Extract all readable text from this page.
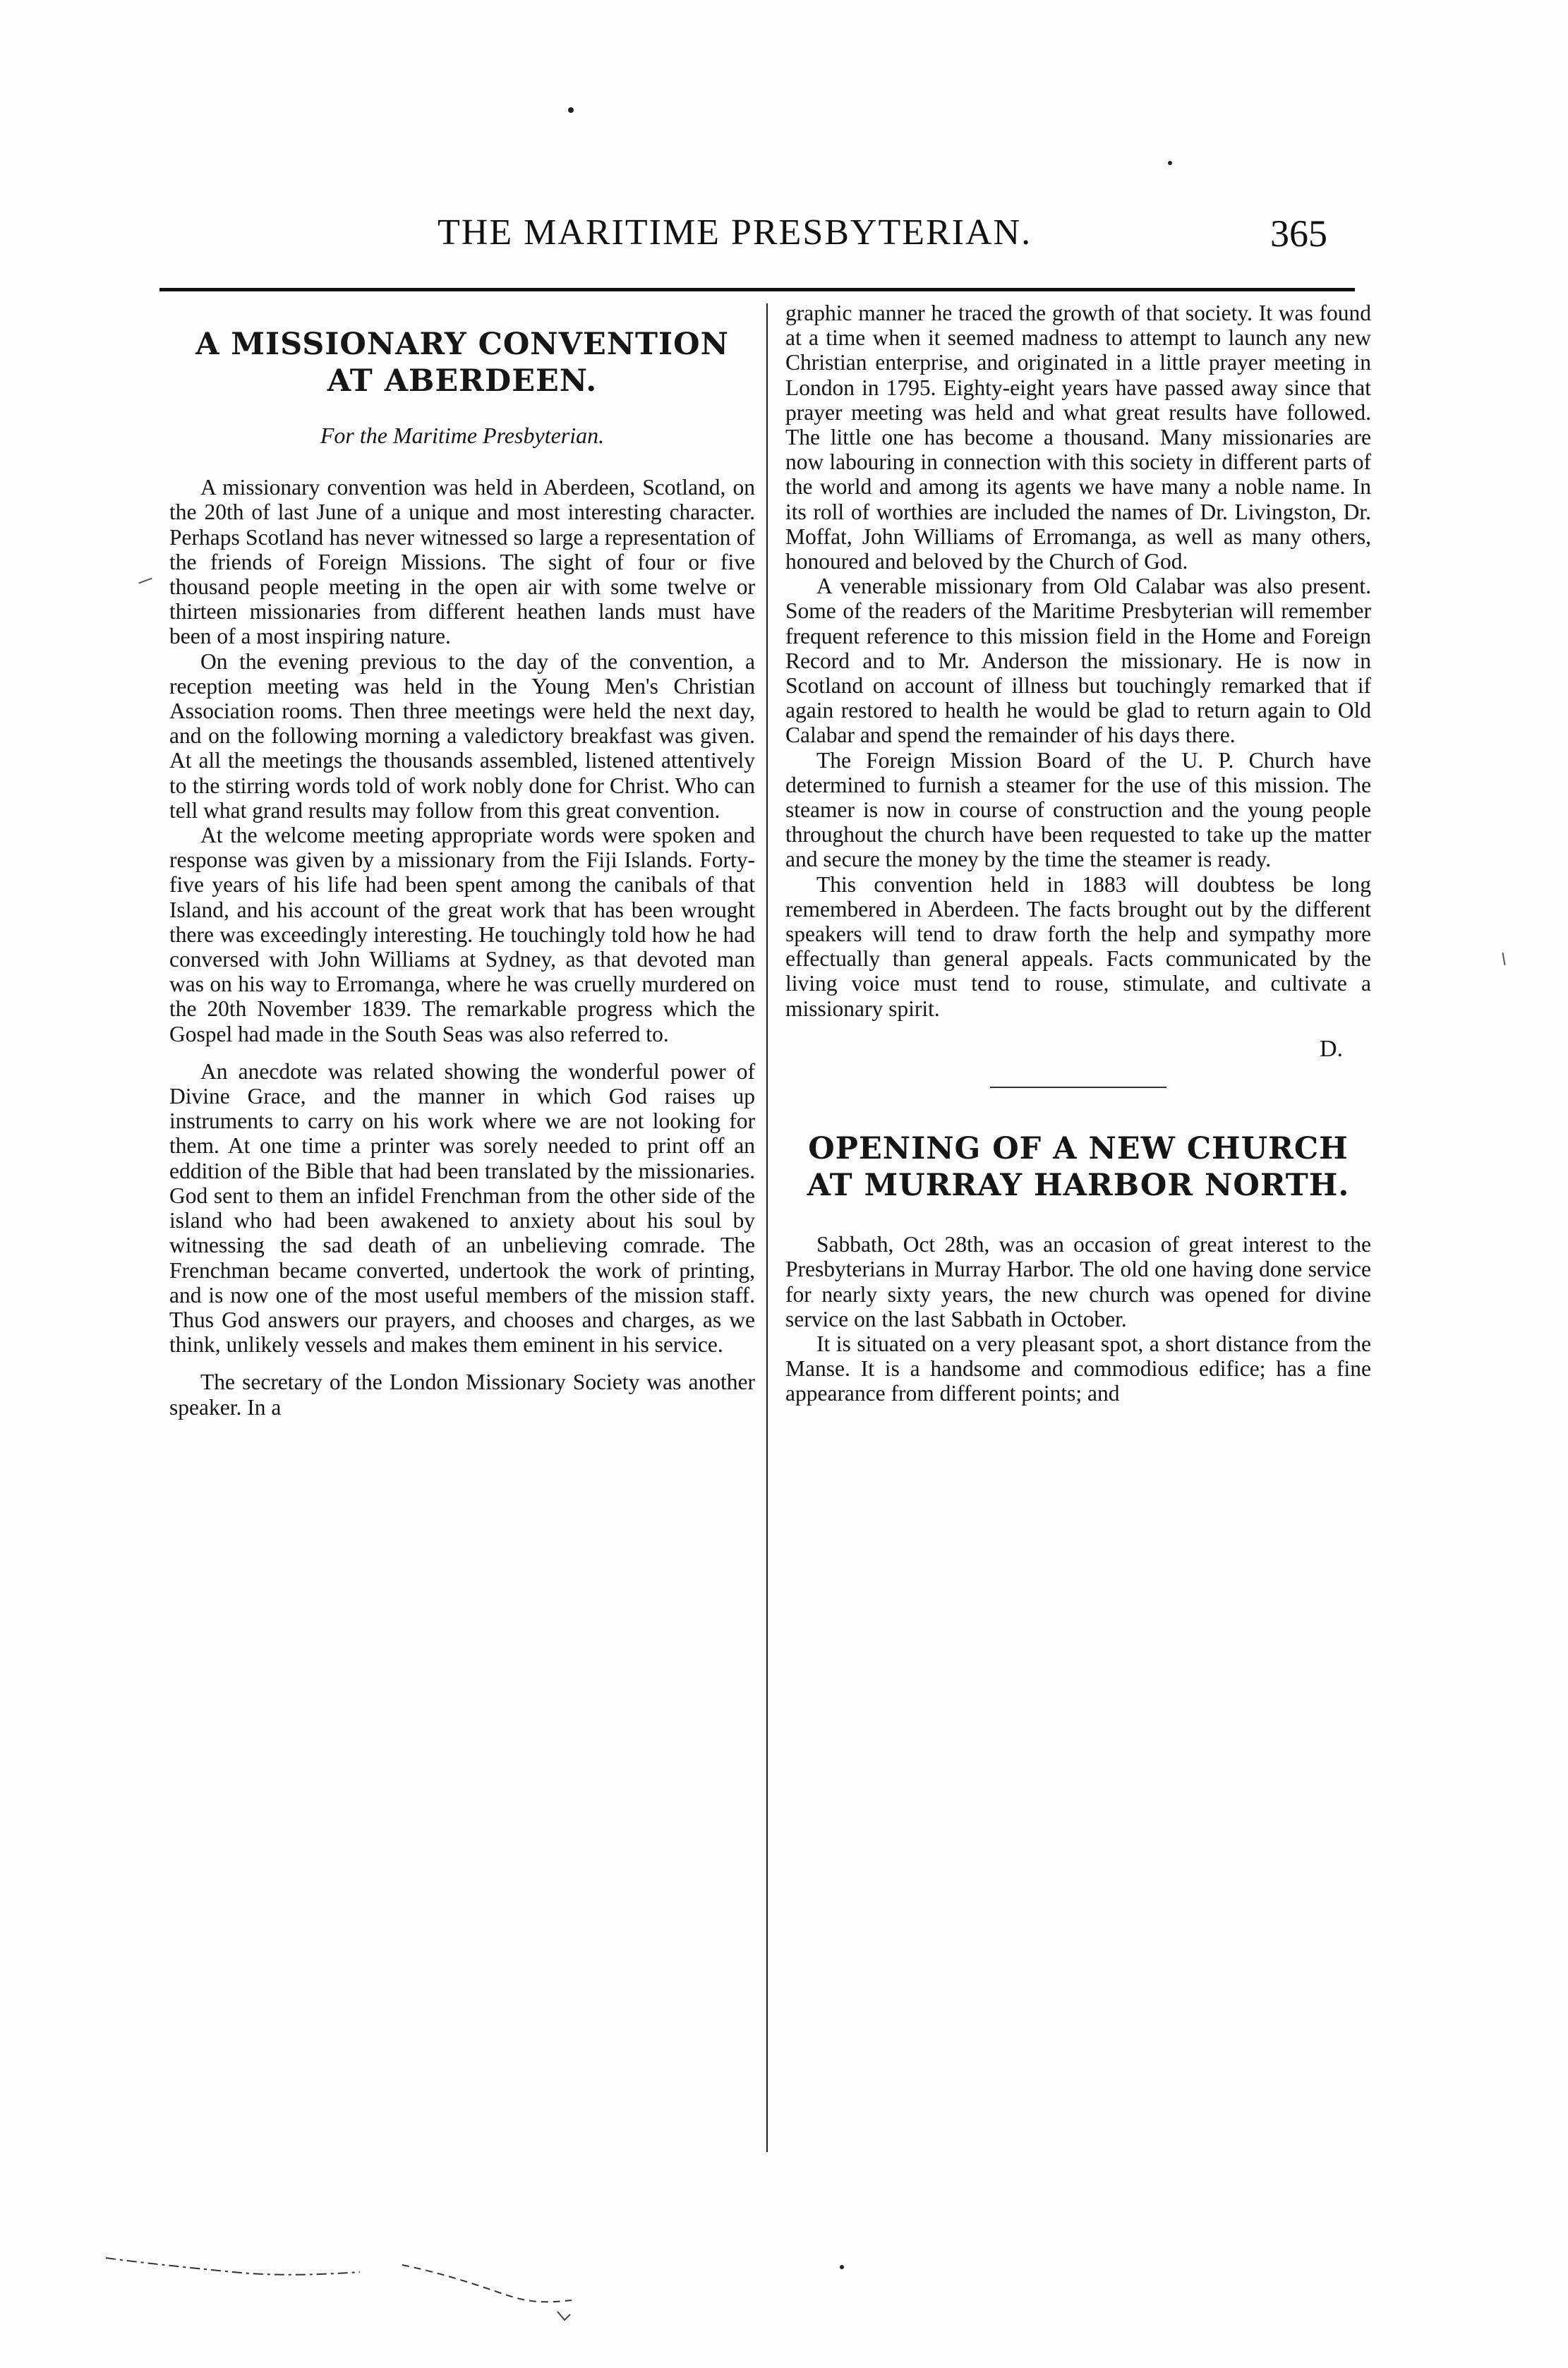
THE MARITIME PRESBYTERIAN.	365
A MISSIONARY CONVENTION AT ABERDEEN.
For the Maritime Presbyterian.

A missionary convention was held in Aberdeen, Scotland, on the 20th of last June of a unique and most interesting character. Perhaps Scotland has never witnessed so large a representation of the friends of Foreign Missions. The sight of four or five thousand people meeting in the open air with some twelve or thirteen missionaries from different heathen lands must have been of a most inspiring nature.

On the evening previous to the day of the convention, a reception meeting was held in the Young Men's Christian Association rooms. Then three meetings were held the next day, and on the following morning a valedictory breakfast was given. At all the meetings the thousands assembled, listened attentively to the stirring words told of work nobly done for Christ. Who can tell what grand results may follow from this great convention.

At the welcome meeting appropriate words were spoken and response was given by a missionary from the Fiji Islands. Forty-five years of his life had been spent among the canibals of that Island, and his account of the great work that has been wrought there was exceedingly interesting. He touchingly told how he had conversed with John Williams at Sydney, as that devoted man was on his way to Erromanga, where he was cruelly murdered on the 20th November 1839. The remarkable progress which the Gospel had made in the South Seas was also referred to.

An anecdote was related showing the wonderful power of Divine Grace, and the manner in which God raises up instruments to carry on his work where we are not looking for them. At one time a printer was sorely needed to print off an eddition of the Bible that had been translated by the missionaries. God sent to them an infidel Frenchman from the other side of the island who had been awakened to anxiety about his soul by witnessing the sad death of an unbelieving comrade. The Frenchman became converted, undertook the work of printing, and is now one of the most useful members of the mission staff. Thus God answers our prayers, and chooses and charges, as we think, unlikely vessels and makes them eminent in his service.

The secretary of the London Missionary Society was another speaker. In a

graphic manner he traced the growth of that society. It was found at a time when it seemed madness to attempt to launch any new Christian enterprise, and originated in a little prayer meeting in London in 1795. Eighty-eight years have passed away since that prayer meeting was held and what great results have followed. The little one has become a thousand. Many missionaries are now labouring in connection with this society in different parts of the world and among its agents we have many a noble name. In its roll of worthies are included the names of Dr. Livingston, Dr. Moffat, John Williams of Erromanga, as well as many others, honoured and beloved by the Church of God.

A venerable missionary from Old Calabar was also present. Some of the readers of the Maritime Presbyterian will remember frequent reference to this mission field in the Home and Foreign Record and to Mr. Anderson the missionary. He is now in Scotland on account of illness but touchingly remarked that if again restored to health he would be glad to return again to Old Calabar and spend the remainder of his days there.

The Foreign Mission Board of the U. P. Church have determined to furnish a steamer for the use of this mission. The steamer is now in course of construction and the young people throughout the church have been requested to take up the matter and secure the money by the time the steamer is ready.

This convention held in 1883 will doubtess be long remembered in Aberdeen. The facts brought out by the different speakers will tend to draw forth the help and sympathy more effectually than general appeals. Facts communicated by the living voice must tend to rouse, stimulate, and cultivate a missionary spirit.

D.

OPENING OF A NEW CHURCH AT MURRAY HARBOR NORTH.

Sabbath, Oct 28th, was an occasion of great interest to the Presbyterians in Murray Harbor. The old one having done service for nearly sixty years, the new church was opened for divine service on the last Sabbath in October.

It is situated on a very pleasant spot, a short distance from the Manse. It is a handsome and commodious edifice; has a fine appearance from different points; and
